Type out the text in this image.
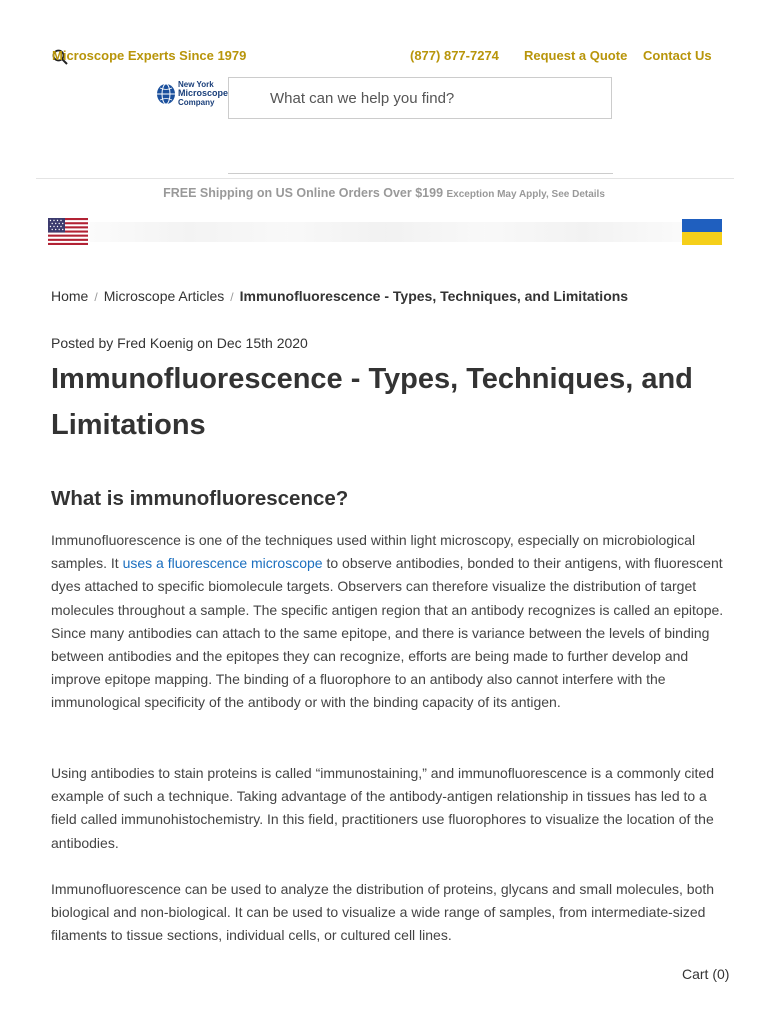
Microscope Experts Since 1979	(877) 877-7274 Request a Quote Contact Us
New York
Microscope
Company
What can we help you find?
FREE Shipping on US Online Orders Over $199 Exception May Apply, See Details
Home / Microscope Articles / Immunofluorescence - Types, Techniques, and Limitations
Posted by Fred Koenig on Dec 15th 2020
Immunofluorescence - Types, Techniques, and Limitations
What is immunofluorescence?

Immunofluorescence is one of the techniques used within light microscopy, especially on microbiological samples. It uses a fluorescence microscope to observe antibodies, bonded to their antigens, with fluorescent dyes attached to specific biomolecule targets. Observers can therefore visualize the distribution of target molecules throughout a sample. The specific antigen region that an antibody recognizes is called an epitope. Since many antibodies can attach to the same epitope, and there is variance between the levels of binding between antibodies and the epitopes they can recognize, efforts are being made to further develop and improve epitope mapping. The binding of a fluorophore to an antibody also cannot interfere with the immunological specificity of the antibody or with the binding capacity of its antigen.

Using antibodies to stain proteins is called “immunostaining,” and immunofluorescence is a commonly cited example of such a technique. Taking advantage of the antibody-antigen relationship in tissues has led to a field called immunohistochemistry. In this field, practitioners use fluorophores to visualize the location of the antibodies.

Immunofluorescence can be used to analyze the distribution of proteins, glycans and small molecules, both biological and non-biological. It can be used to visualize a wide range of samples, from intermediate-sized filaments to tissue sections, individual cells, or cultured cell lines.

Cart (0)
